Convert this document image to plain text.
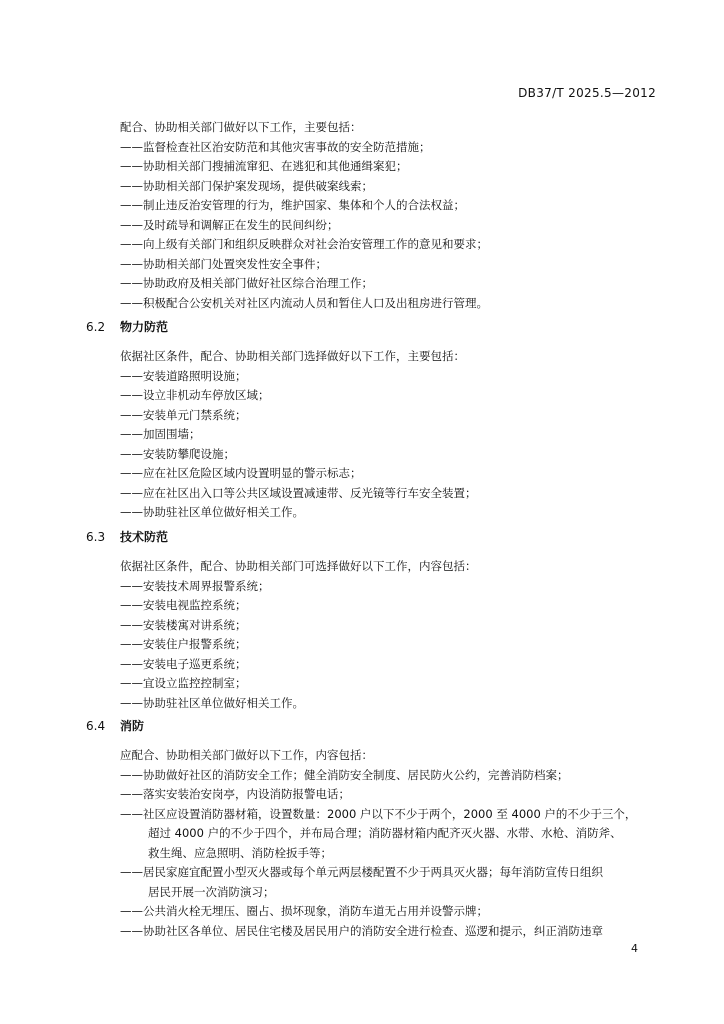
DB37/T 2025.5—2012
配合、协助相关部门做好以下工作，主要包括：
——监督检查社区治安防范和其他灾害事故的安全防范措施；
——协助相关部门搜捕流窜犯、在逃犯和其他通缉案犯；
——协助相关部门保护案发现场，提供破案线索；
——制止违反治安管理的行为，维护国家、集体和个人的合法权益；
——及时疏导和调解正在发生的民间纠纷；
——向上级有关部门和组织反映群众对社会治安管理工作的意见和要求；
——协助相关部门处置突发性安全事件；
——协助政府及相关部门做好社区综合治理工作；
——积极配合公安机关对社区内流动人员和暂住人口及出租房进行管理。
6.2 物力防范
依据社区条件，配合、协助相关部门选择做好以下工作，主要包括：
——安装道路照明设施；
——设立非机动车停放区域；
——安装单元门禁系统；
——加固围墙；
——安装防攀爬设施；
——应在社区危险区域内设置明显的警示标志；
——应在社区出入口等公共区域设置减速带、反光镜等行车安全装置；
——协助驻社区单位做好相关工作。
6.3 技术防范
依据社区条件，配合、协助相关部门可选择做好以下工作，内容包括：
——安装技术周界报警系统；
——安装电视监控系统；
——安装楼寓对讲系统；
——安装住户报警系统；
——安装电子巡更系统；
——宜设立监控控制室；
——协助驻社区单位做好相关工作。
6.4 消防
应配合、协助相关部门做好以下工作，内容包括：
——协助做好社区的消防安全工作；健全消防安全制度、居民防火公约，完善消防档案；
——落实安装治安岗亭，内设消防报警电话；
——社区应设置消防器材箱，设置数量：2000 户以下不少于两个，2000 至 4000 户的不少于三个，
超过 4000 户的不少于四个，并布局合理；消防器材箱内配齐灭火器、水带、水枪、消防斧、
救生绳、应急照明、消防栓扳手等；
——居民家庭宜配置小型灭火器或每个单元两层楼配置不少于两具灭火器；每年消防宣传日组织
居民开展一次消防演习；
——公共消火栓无埋压、圈占、损坏现象，消防车道无占用并设警示牌；
——协助社区各单位、居民住宅楼及居民用户的消防安全进行检查、巡逻和提示，纠正消防违章
4
